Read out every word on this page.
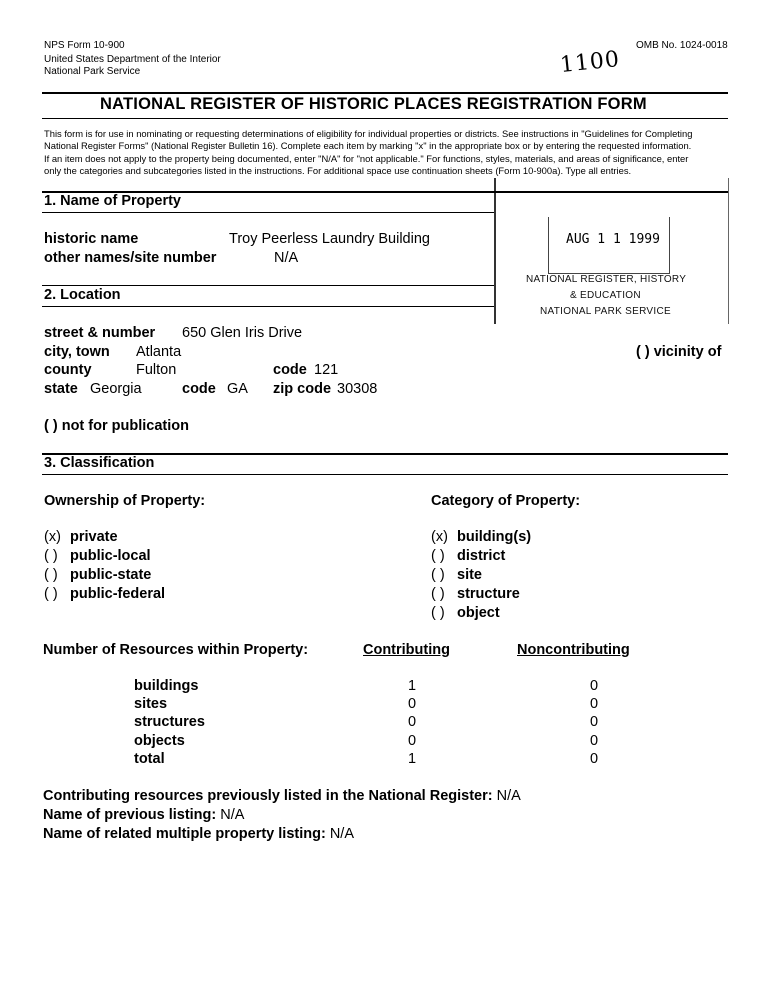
NPS Form 10-900
United States Department of the Interior
National Park Service
OMB No. 1024-0018
1100
NATIONAL REGISTER OF HISTORIC PLACES REGISTRATION FORM
This form is for use in nominating or requesting determinations of eligibility for individual properties or districts. See instructions in "Guidelines for Completing
National Register Forms" (National Register Bulletin 16). Complete each item by marking "x" in the appropriate box or by entering the requested information.
If an item does not apply to the property being documented, enter "N/A" for "not applicable." For functions, styles, materials, and areas of significance, enter
only the categories and subcategories listed in the instructions. For additional space use continuation sheets (Form 10-900a). Type all entries.
AUG 1 1 1999
NATIONAL REGISTER, HISTORY
& EDUCATION
NATIONAL PARK SERVICE
1. Name of Property
historic name	Troy Peerless Laundry Building
other names/site number	N/A
2. Location
street & number 650 Glen Iris Drive
city, town Atlanta	( ) vicinity of
county	Fulton	code 121
state Georgia	code GA zip code 30308
( ) not for publication
3. Classification
Ownership of Property:	Category of Property:
(x) private
( ) public-local
( ) public-state
( ) public-federal
(x) building(s)
( ) district
( ) site
( ) structure
( ) object
Number of Resources within Property:	Contributing	Noncontributing
buildings	1	0
sites	0	0
structures	0	0
objects	0	0
total	1	0
Contributing resources previously listed in the National Register: N/A
Name of previous listing: N/A
Name of related multiple property listing: N/A
